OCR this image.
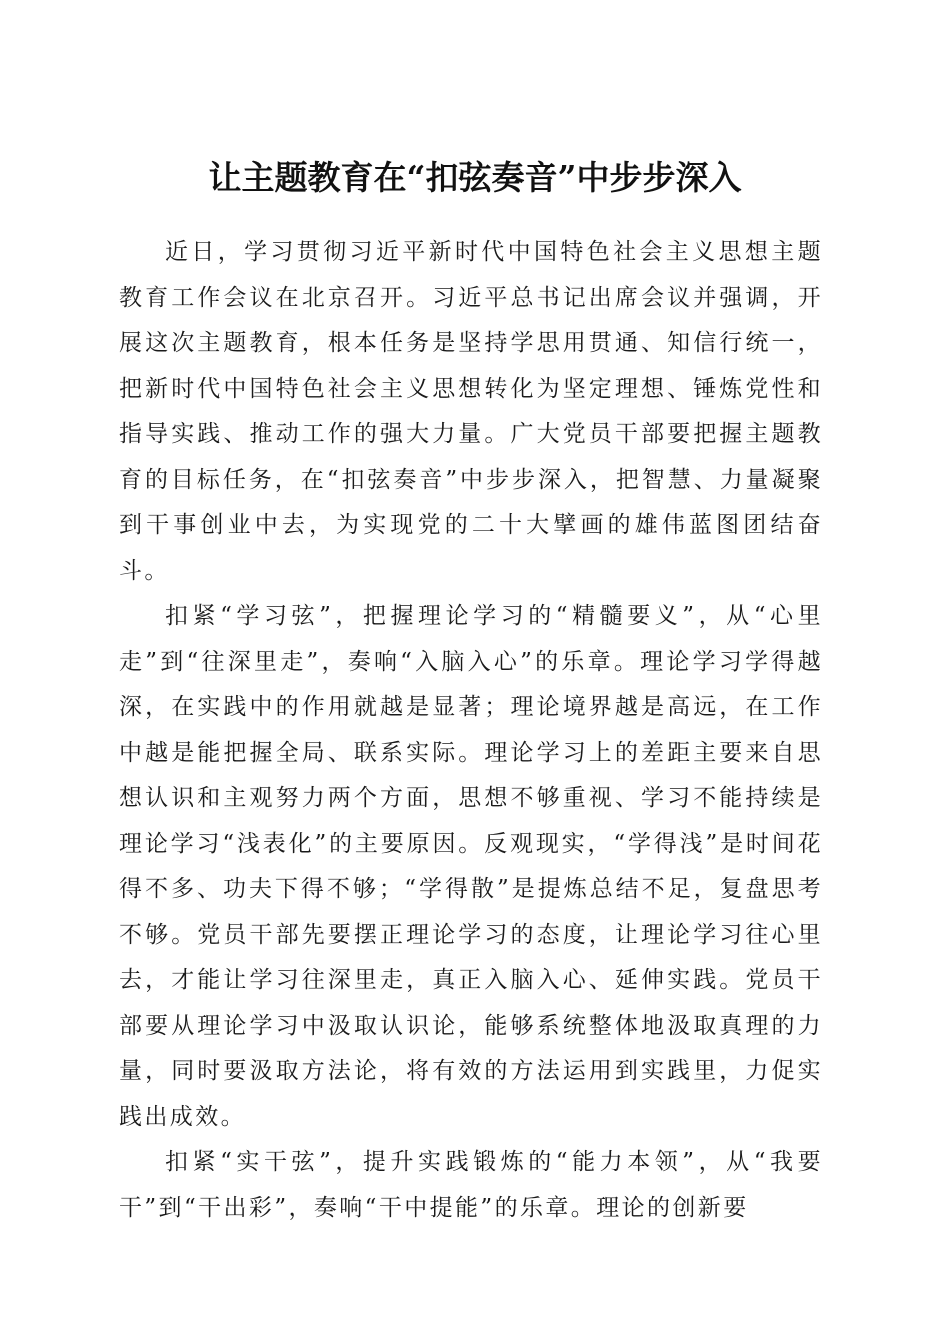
让主题教育在“扣弦奏音”中步步深入

近日，学习贯彻习近平新时代中国特色社会主义思想主题教育工作会议在北京召开。习近平总书记出席会议并强调，开展这次主题教育，根本任务是坚持学思用贯通、知信行统一，把新时代中国特色社会主义思想转化为坚定理想、锤炼党性和指导实践、推动工作的强大力量。广大党员干部要把握主题教育的目标任务，在“扣弦奏音”中步步深入，把智慧、力量凝聚到干事创业中去，为实现党的二十大擘画的雄伟蓝图团结奋斗。

扣紧“学习弦”，把握理论学习的“精髓要义”，从“心里走”到“往深里走”，奏响“入脑入心”的乐章。理论学习学得越深，在实践中的作用就越是显著；理论境界越是高远，在工作中越是能把握全局、联系实际。理论学习上的差距主要来自思想认识和主观努力两个方面，思想不够重视、学习不能持续是理论学习“浅表化”的主要原因。反观现实，“学得浅”是时间花得不多、功夫下得不够；“学得散”是提炼总结不足，复盘思考不够。党员干部先要摆正理论学习的态度，让理论学习往心里去，才能让学习往深里走，真正入脑入心、延伸实践。党员干部要从理论学习中汲取认识论，能够系统整体地汲取真理的力量，同时要汲取方法论，将有效的方法运用到实践里，力促实践出成效。

扣紧“实干弦”，提升实践锻炼的“能力本领”，从“我要干”到“干出彩”，奏响“干中提能”的乐章。理论的创新要
